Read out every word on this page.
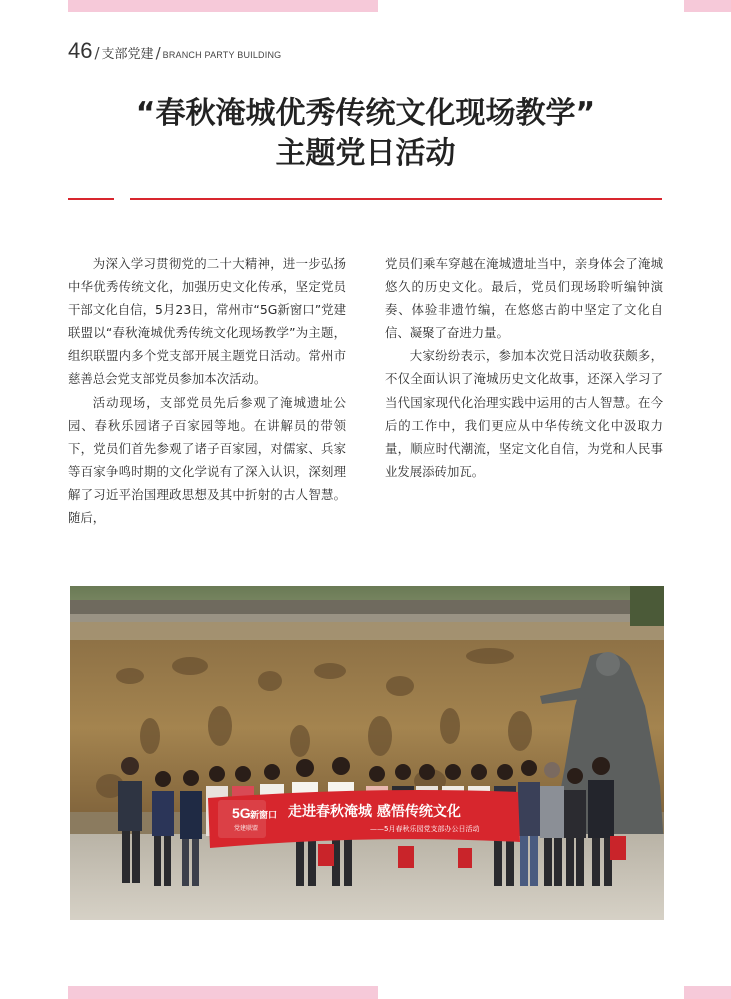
46 / 支部党建 / BRANCH PARTY BUILDING
“春秋淹城优秀传统文化现场教学”
主题党日活动

为深入学习贯彻党的二十大精神，进一步弘扬中华优秀传统文化，加强历史文化传承，坚定党员干部文化自信，5月23日，常州市“5G新窗口”党建联盟以“春秋淹城优秀传统文化现场教学”为主题，组织联盟内多个党支部开展主题党日活动。常州市慈善总会党支部党员参加本次活动。

活动现场，支部党员先后参观了淹城遗址公园、春秋乐园诸子百家园等地。在讲解员的带领下，党员们首先参观了诸子百家园，对儒家、兵家等百家争鸣时期的文化学说有了深入认识，深刻理解了习近平治国理政思想及其中折射的古人智慧。随后，

党员们乘车穿越在淹城遗址当中，亲身体会了淹城悠久的历史文化。最后，党员们现场聆听编钟演奏、体验非遗竹编，在悠悠古韵中坚定了文化自信、凝聚了奋进力量。

大家纷纷表示，参加本次党日活动收获颇多，不仅全面认识了淹城历史文化故事，还深入学习了当代国家现代化治理实践中运用的古人智慧。在今后的工作中，我们更应从中华传统文化中汲取力量，顺应时代潮流，坚定文化自信，为党和人民事业发展添砖加瓦。

5G 新窗口
党建联盟
走进春秋淹城 感悟传统文化
——5月春秋乐园党支部办公日活动
